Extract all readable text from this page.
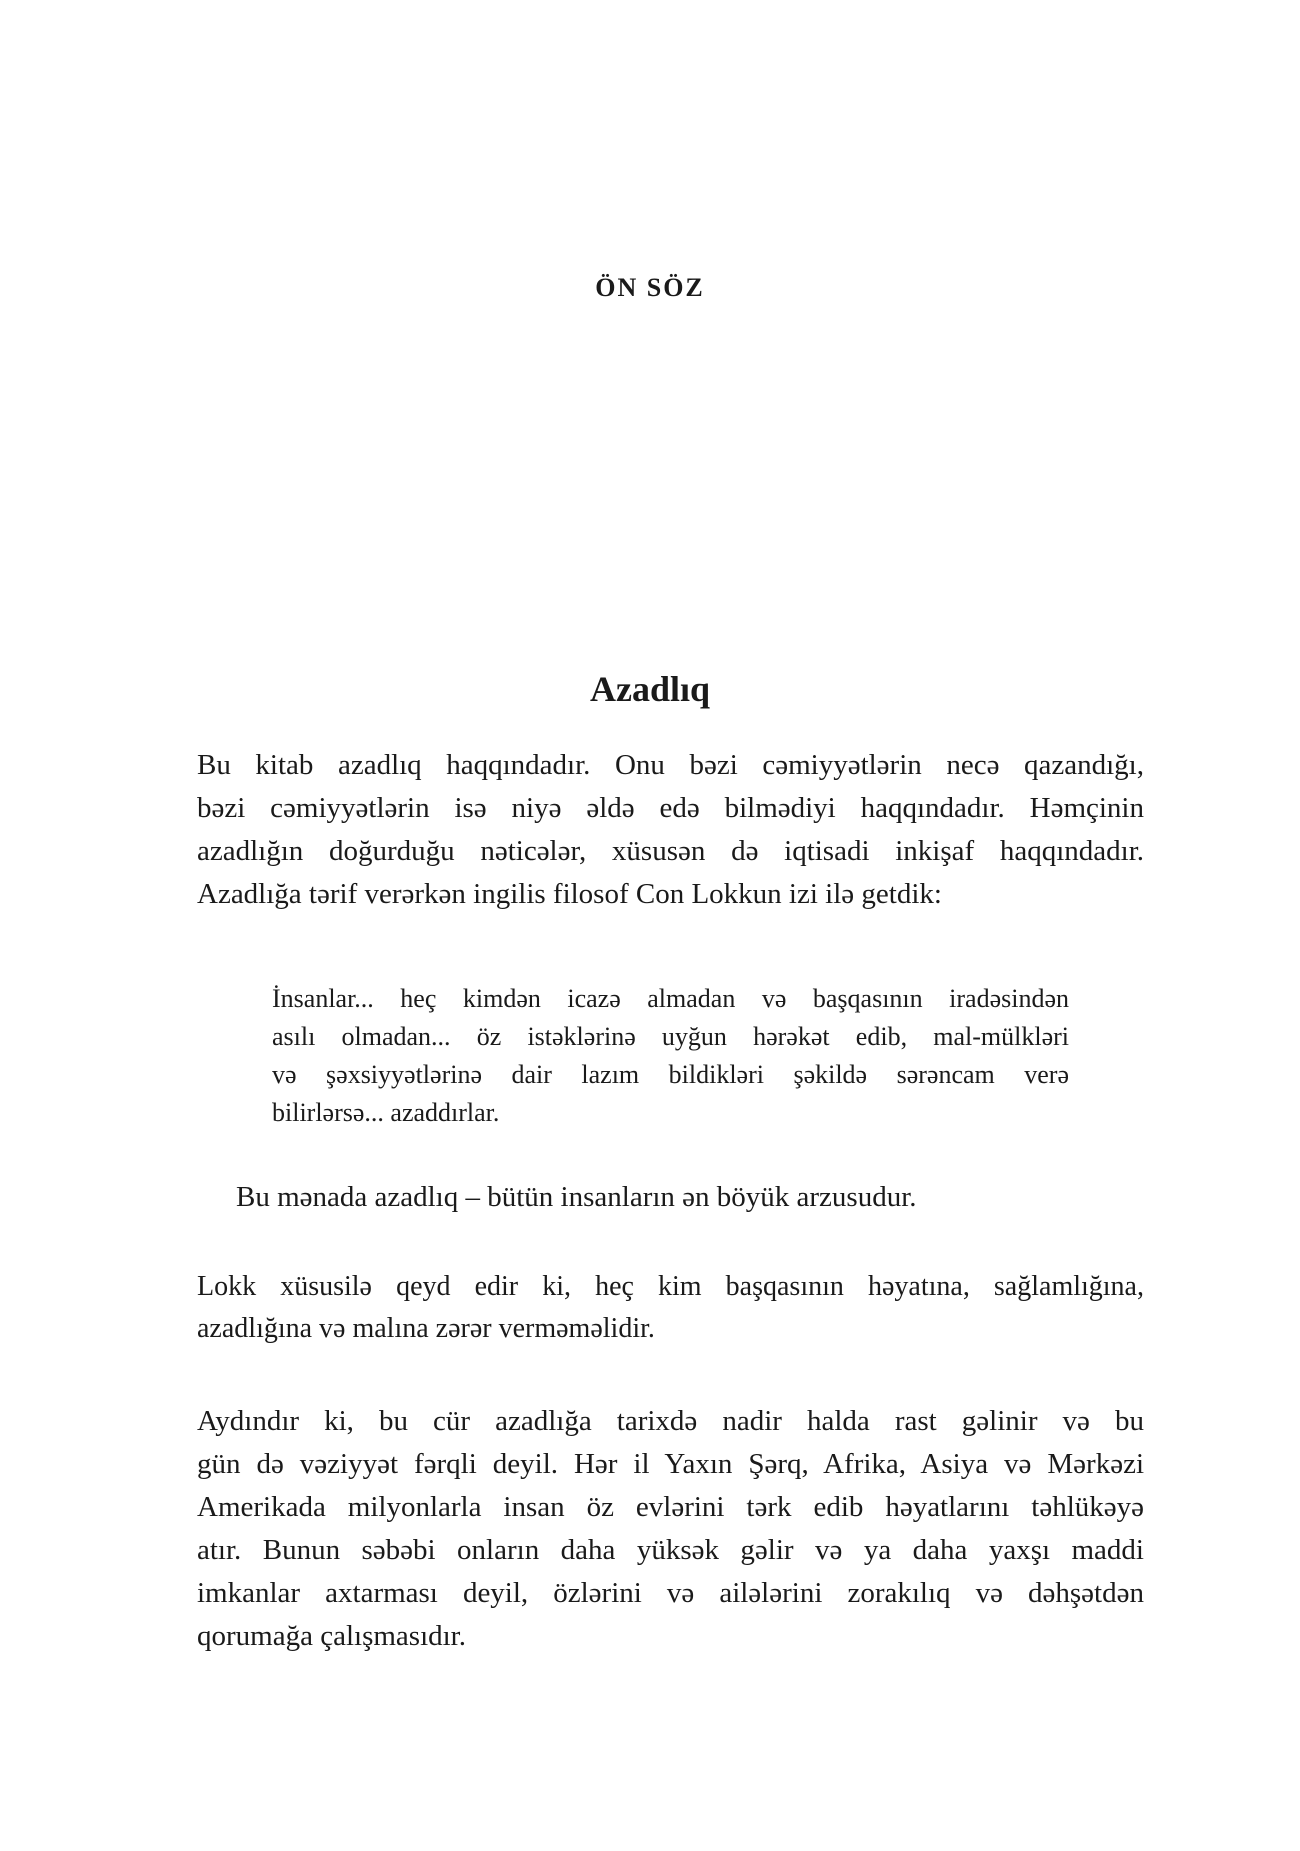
ÖN SÖZ
Azadlıq

Bu kitab azadlıq haqqındadır. Onu bəzi cəmiyyətlərin necə qazandığı,
bəzi cəmiyyətlərin isə niyə əldə edə bilmədiyi haqqındadır. Həmçinin
azadlığın doğurduğu nəticələr, xüsusən də iqtisadi inkişaf haqqındadır.
Azadlığa tərif verərkən ingilis filosof Con Lokkun izi ilə getdik:

İnsanlar... heç kimdən icazə almadan və başqasının iradəsindən
asılı olmadan... öz istəklərinə uyğun hərəkət edib, mal-mülkləri
və şəxsiyyətlərinə dair lazım bildikləri şəkildə sərəncam verə
bilirlərsə... azaddırlar.

Bu mənada azadlıq – bütün insanların ən böyük arzusudur.

Lokk xüsusilə qeyd edir ki, heç kim başqasının həyatına, sağlamlığına,
azadlığına və malına zərər verməməlidir.

Aydındır ki, bu cür azadlığa tarixdə nadir halda rast gəlinir və bu
gün də vəziyyət fərqli deyil. Hər il Yaxın Şərq, Afrika, Asiya və Mərkəzi
Amerikada milyonlarla insan öz evlərini tərk edib həyatlarını təhlükəyə
atır. Bunun səbəbi onların daha yüksək gəlir və ya daha yaxşı maddi
imkanlar axtarması deyil, özlərini və ailələrini zorakılıq və dəhşətdən
qorumağa çalışmasıdır.
